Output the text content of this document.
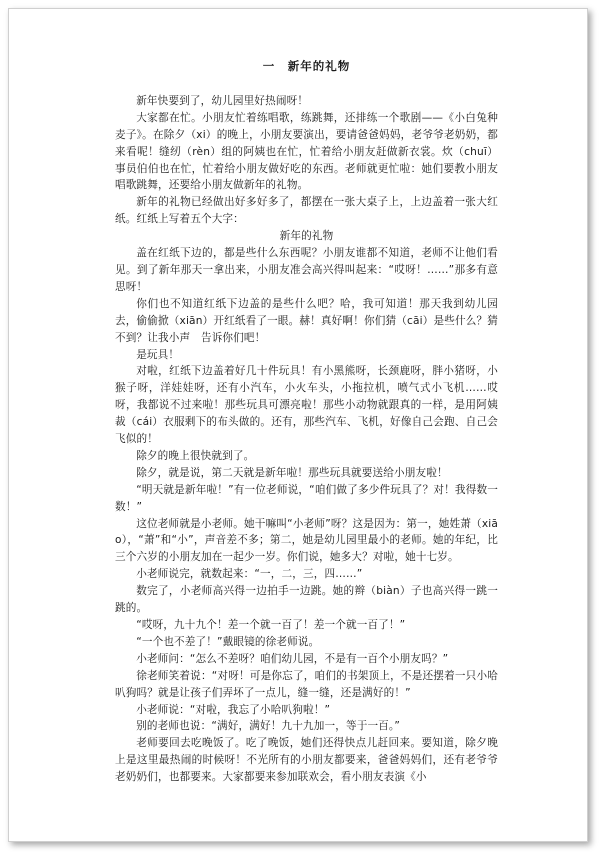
一　新年的礼物

新年快要到了，幼儿园里好热闹呀！

大家都在忙。小朋友忙着练唱歌，练跳舞，还排练一个歌剧——《小白兔种麦子》。在除夕（xi）的晚上，小朋友要演出，要请爸爸妈妈，老爷爷老奶奶，都来看呢！缝纫（rèn）组的阿姨也在忙，忙着给小朋友赶做新衣裳。炊（chuī）事员伯伯也在忙，忙着给小朋友做好吃的东西。老师就更忙啦：她们要教小朋友唱歌跳舞，还要给小朋友做新年的礼物。

新年的礼物已经做出好多好多了，都摆在一张大桌子上，上边盖着一张大红纸。红纸上写着五个大字：

新年的礼物

盖在红纸下边的，都是些什么东西呢？小朋友谁都不知道，老师不让他们看见。到了新年那天一拿出来，小朋友准会高兴得叫起来：“哎呀！……”那多有意思呀！

你们也不知道红纸下边盖的是些什么吧？哈，我可知道！那天我到幼儿园去，偷偷掀（xiān）开红纸看了一眼。赫！真好啊！你们猜（cāi）是些什么？猜不到？让我小声　告诉你们吧！

是玩具！

对啦，红纸下边盖着好几十件玩具！有小黑熊呀，长颈鹿呀，胖小猪呀，小猴子呀，洋娃娃呀，还有小汽车，小火车头，小拖拉机，喷气式小飞机……哎呀，我都说不过来啦！那些玩具可漂亮啦！那些小动物就跟真的一样，是用阿姨裁（cái）衣服剩下的布头做的。还有，那些汽车、飞机，好像自己会跑、自己会飞似的！

除夕的晚上很快就到了。

除夕，就是说，第二天就是新年啦！那些玩具就要送给小朋友啦！

“明天就是新年啦！”有一位老师说，“咱们做了多少件玩具了？对！我得数一数！”

这位老师就是小老师。她干嘛叫“小老师”呀？这是因为：第一，她姓萧（xiāo），“萧”和“小”，声音差不多；第二，她是幼儿园里最小的老师。她的年纪，比三个六岁的小朋友加在一起少一岁。你们说，她多大？对啦，她十七岁。

小老师说完，就数起来：“一，二，三，四……”

数完了，小老师高兴得一边拍手一边跳。她的辫（biàn）子也高兴得一跳一跳的。

“哎呀，九十九个！差一个就一百了！差一个就一百了！”

“一个也不差了！”戴眼镜的徐老师说。

小老师问：“怎么不差呀？咱们幼儿园，不是有一百个小朋友吗？”

徐老师笑着说：“对呀！可是你忘了，咱们的书架顶上，不是还摆着一只小哈叭狗吗？就是让孩子们弄坏了一点儿，缝一缝，还是满好的！”

小老师说：“对啦，我忘了小哈叭狗啦！”

别的老师也说：“满好，满好！九十九加一，等于一百。”

老师要回去吃晚饭了。吃了晚饭，她们还得快点儿赶回来。要知道，除夕晚上是这里最热闹的时候呀！不光所有的小朋友都要来，爸爸妈妈们，还有老爷爷老奶奶们，也都要来。大家都要来参加联欢会，看小朋友表演《小
